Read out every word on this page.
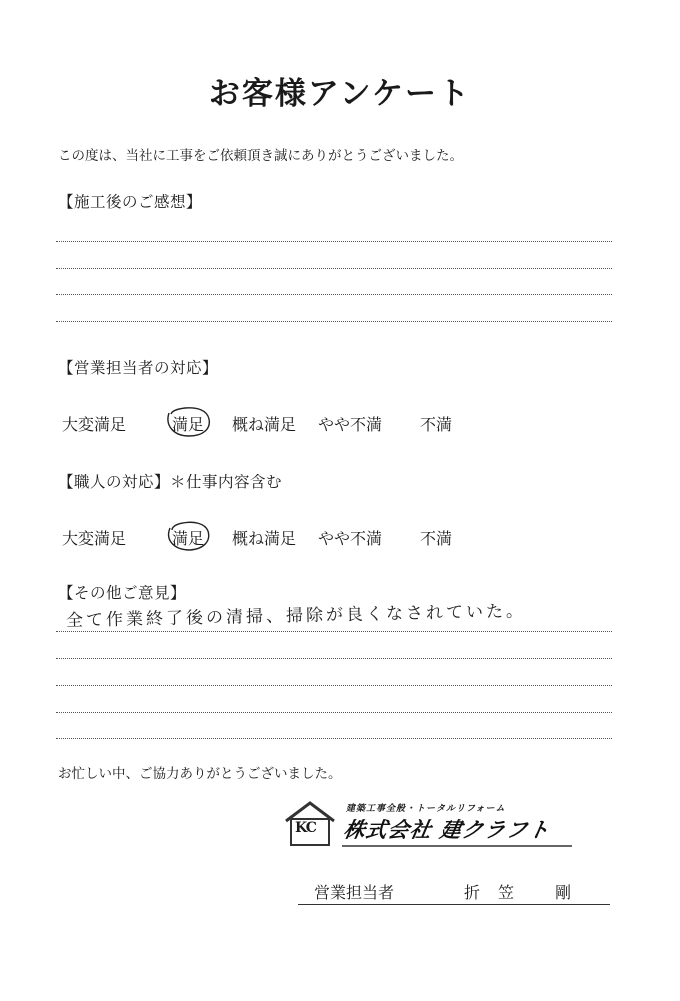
お客様アンケート
この度は、当社に工事をご依頼頂き誠にありがとうございました。
【施工後のご感想】
【営業担当者の対応】
大変満足	満足 概ね満足 やや不満 不満
【職人の対応】＊仕事内容含む
大変満足	満足 概ね満足 やや不満 不満
【その他ご意見】
全て作業終了後の清掃、掃除が良くなされていた。
お忙しい中、ご協力ありがとうございました。
KC
建築工事全般・トータルリフォーム
株式会社 建クラフト
営業担当者	折笠 剛
